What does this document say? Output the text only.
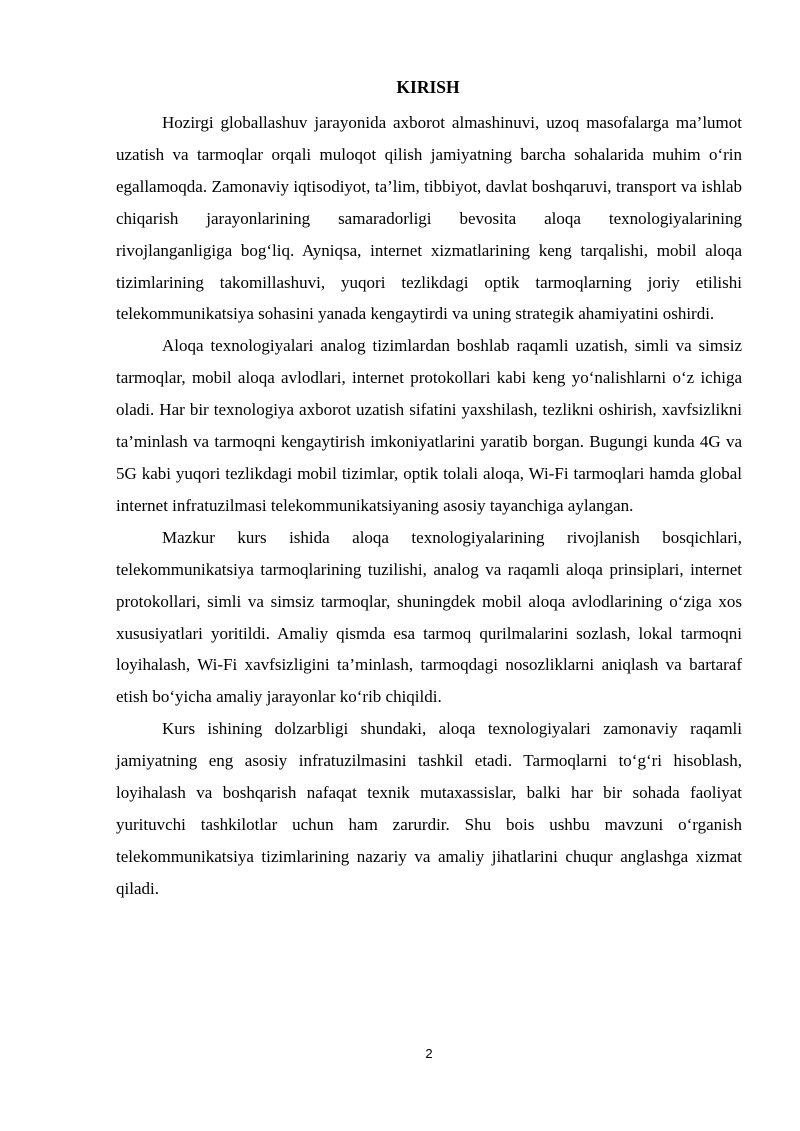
KIRISH

Hozirgi globallashuv jarayonida axborot almashinuvi, uzoq masofalarga ma’lumot uzatish va tarmoqlar orqali muloqot qilish jamiyatning barcha sohalarida muhim o‘rin egallamoqda. Zamonaviy iqtisodiyot, ta’lim, tibbiyot, davlat boshqaruvi, transport va ishlab chiqarish jarayonlarining samaradorligi bevosita aloqa texnologiyalarining rivojlanganligiga bog‘liq. Ayniqsa, internet xizmatlarining keng tarqalishi, mobil aloqa tizimlarining takomillashuvi, yuqori tezlikdagi optik tarmoqlarning joriy etilishi telekommunikatsiya sohasini yanada kengaytirdi va uning strategik ahamiyatini oshirdi.

Aloqa texnologiyalari analog tizimlardan boshlab raqamli uzatish, simli va simsiz tarmoqlar, mobil aloqa avlodlari, internet protokollari kabi keng yo‘nalishlarni o‘z ichiga oladi. Har bir texnologiya axborot uzatish sifatini yaxshilash, tezlikni oshirish, xavfsizlikni ta’minlash va tarmoqni kengaytirish imkoniyatlarini yaratib borgan. Bugungi kunda 4G va 5G kabi yuqori tezlikdagi mobil tizimlar, optik tolali aloqa, Wi-Fi tarmoqlari hamda global internet infratuzilmasi telekommunikatsiyaning asosiy tayanchiga aylangan.

Mazkur kurs ishida aloqa texnologiyalarining rivojlanish bosqichlari, telekommunikatsiya tarmoqlarining tuzilishi, analog va raqamli aloqa prinsiplari, internet protokollari, simli va simsiz tarmoqlar, shuningdek mobil aloqa avlodlarining o‘ziga xos xususiyatlari yoritildi. Amaliy qismda esa tarmoq qurilmalarini sozlash, lokal tarmoqni loyihalash, Wi-Fi xavfsizligini ta’minlash, tarmoqdagi nosozliklarni aniqlash va bartaraf etish bo‘yicha amaliy jarayonlar ko‘rib chiqildi.

Kurs ishining dolzarbligi shundaki, aloqa texnologiyalari zamonaviy raqamli jamiyatning eng asosiy infratuzilmasini tashkil etadi. Tarmoqlarni to‘g‘ri hisoblash, loyihalash va boshqarish nafaqat texnik mutaxassislar, balki har bir sohada faoliyat yurituvchi tashkilotlar uchun ham zarurdir. Shu bois ushbu mavzuni o‘rganish telekommunikatsiya tizimlarining nazariy va amaliy jihatlarini chuqur anglashga xizmat qiladi.

2
